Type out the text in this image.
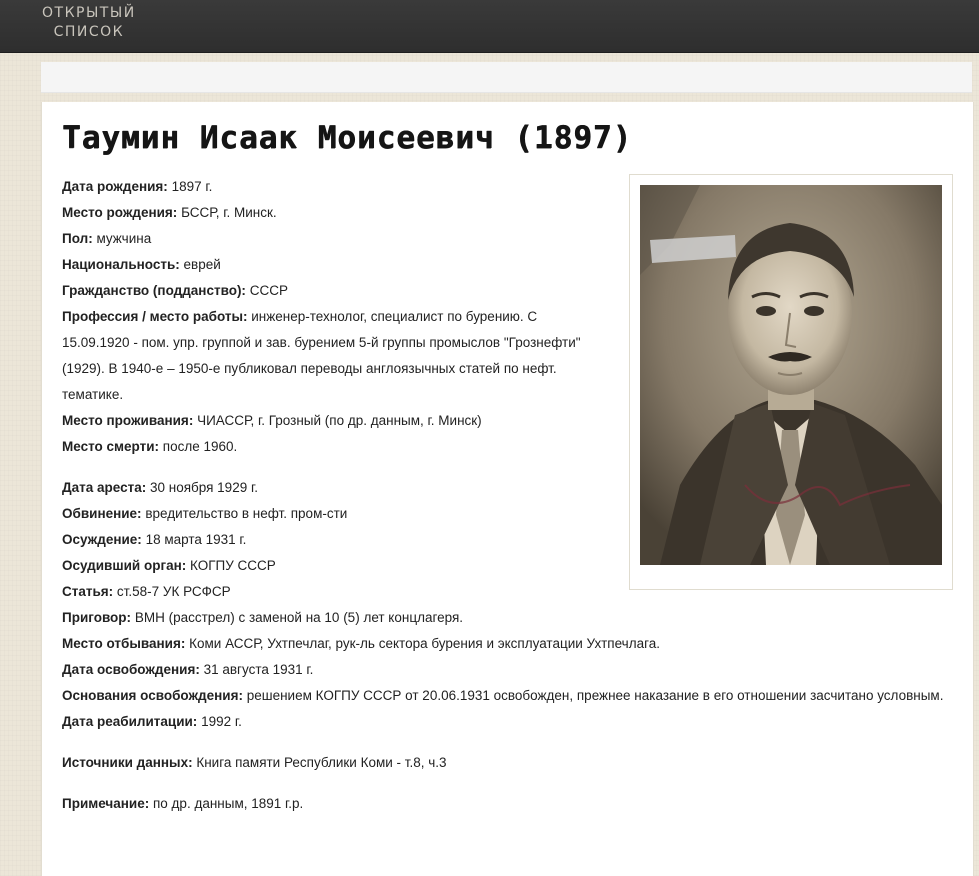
ОТКРЫТЫЙ
СПИСОК
Таумин Исаак Моисеевич (1897)

Дата рождения: 1897 г.

Место рождения: БССР, г. Минск.

Пол: мужчина

Национальность: еврей

Гражданство (подданство): СССР

Профессия / место работы: инженер-технолог, специалист по бурению. С 15.09.1920 - пом. упр. группой и зав. бурением 5-й группы промыслов "Грознефти" (1929). В 1940-е – 1950-е публиковал переводы англоязычных статей по нефт. тематике.

Место проживания: ЧИАССР, г. Грозный (по др. данным, г. Минск)

Место смерти: после 1960.

Дата ареста: 30 ноября 1929 г.

Обвинение: вредительство в нефт. пром-сти

Осуждение: 18 марта 1931 г.

Осудивший орган: КОГПУ СССР

Статья: ст.58-7 УК РСФСР

Приговор: ВМН (расстрел) с заменой на 10 (5) лет концлагеря.

Место отбывания: Коми АССР, Ухтпечлаг, рук-ль сектора бурения и эксплуатации Ухтпечлага.

Дата освобождения: 31 августа 1931 г.

Основания освобождения: решением КОГПУ СССР от 20.06.1931 освобожден, прежнее наказание в его отношении засчитано условным.

Дата реабилитации: 1992 г.

Источники данных: Книга памяти Республики Коми - т.8, ч.3

Примечание: по др. данным, 1891 г.р.
